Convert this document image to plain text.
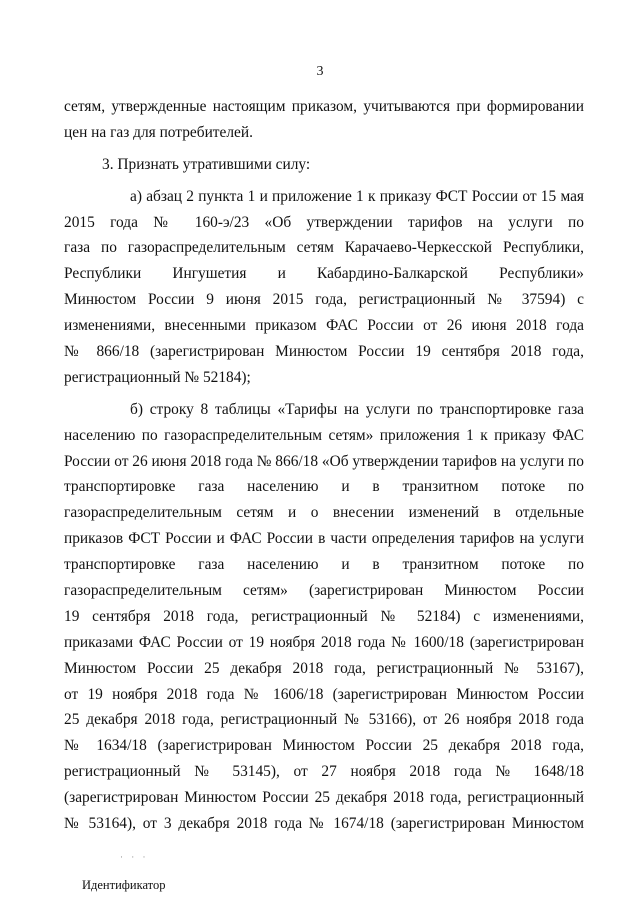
3
сетям, утвержденные настоящим приказом, учитываются при формировании
цен на газ для потребителей.
3. Признать утратившими силу:
а) абзац 2 пункта 1 и приложение 1 к приказу ФСТ России от 15 мая
2015 года № 160-э/23 «Об утверждении тарифов на услуги по
газа по газораспределительным сетям Карачаево-Черкесской Республики,
Республики Ингушетия и Кабардино-Балкарской Республики»
Минюстом России 9 июня 2015 года, регистрационный № 37594) с
изменениями, внесенными приказом ФАС России от 26 июня 2018 года
№ 866/18 (зарегистрирован Минюстом России 19 сентября 2018 года,
регистрационный № 52184);
б) строку 8 таблицы «Тарифы на услуги по транспортировке газа
населению по газораспределительным сетям» приложения 1 к приказу ФАС
России от 26 июня 2018 года № 866/18 «Об утверждении тарифов на услуги по
транспортировке газа населению и в транзитном потоке по
газораспределительным сетям и о внесении изменений в отдельные
приказов ФСТ России и ФАС России в части определения тарифов на услуги
транспортировке газа населению и в транзитном потоке по
газораспределительным сетям» (зарегистрирован Минюстом России
19 сентября 2018 года, регистрационный № 52184) с изменениями,
приказами ФАС России от 19 ноября 2018 года № 1600/18 (зарегистрирован
Минюстом России 25 декабря 2018 года, регистрационный № 53167),
от 19 ноября 2018 года № 1606/18 (зарегистрирован Минюстом России
25 декабря 2018 года, регистрационный № 53166), от 26 ноября 2018 года
№ 1634/18 (зарегистрирован Минюстом России 25 декабря 2018 года,
регистрационный № 53145), от 27 ноября 2018 года № 1648/18
(зарегистрирован Минюстом России 25 декабря 2018 года, регистрационный
№ 53164), от 3 декабря 2018 года № 1674/18 (зарегистрирован Минюстом
· · ·
Идентификатор
